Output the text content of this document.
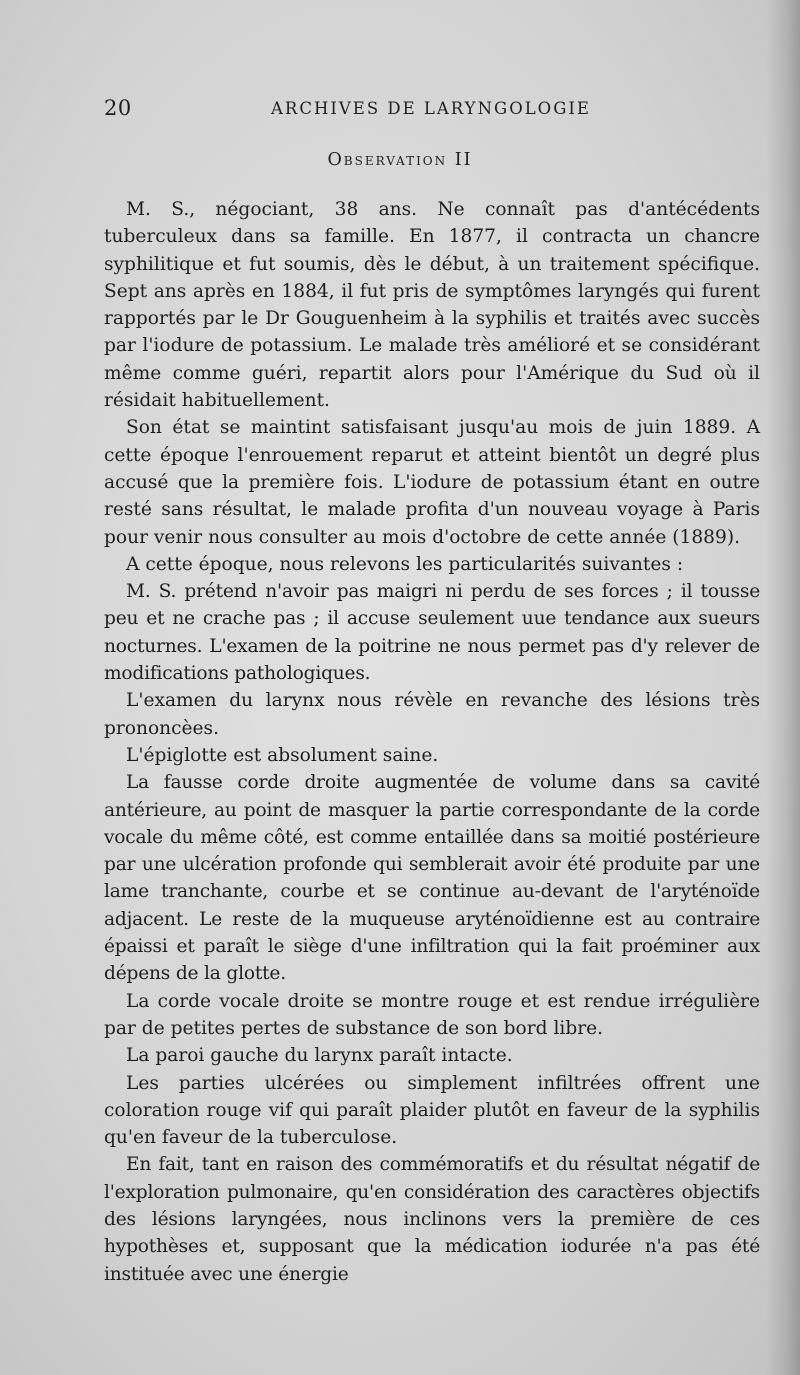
20	ARCHIVES DE LARYNGOLOGIE
Observation II

M. S., négociant, 38 ans. Ne connaît pas d'antécédents tuberculeux dans sa famille. En 1877, il contracta un chancre syphilitique et fut soumis, dès le début, à un traitement spécifique. Sept ans après en 1884, il fut pris de symptômes laryngés qui furent rapportés par le Dr Gouguenheim à la syphilis et traités avec succès par l'iodure de potassium. Le malade très amélioré et se considérant même comme guéri, repartit alors pour l'Amérique du Sud où il résidait habituellement.

Son état se maintint satisfaisant jusqu'au mois de juin 1889. A cette époque l'enrouement reparut et atteint bientôt un degré plus accusé que la première fois. L'iodure de potassium étant en outre resté sans résultat, le malade profita d'un nouveau voyage à Paris pour venir nous consulter au mois d'octobre de cette année (1889).

A cette époque, nous relevons les particularités suivantes :

M. S. prétend n'avoir pas maigri ni perdu de ses forces ; il tousse peu et ne crache pas ; il accuse seulement uue tendance aux sueurs nocturnes. L'examen de la poitrine ne nous permet pas d'y relever de modifications pathologiques.

L'examen du larynx nous révèle en revanche des lésions très prononcèes.

L'épiglotte est absolument saine.

La fausse corde droite augmentée de volume dans sa cavité antérieure, au point de masquer la partie correspondante de la corde vocale du même côté, est comme entaillée dans sa moitié postérieure par une ulcération profonde qui semblerait avoir été produite par une lame tranchante, courbe et se continue au-devant de l'aryténoïde adjacent. Le reste de la muqueuse aryténoïdienne est au contraire épaissi et paraît le siège d'une infiltration qui la fait proéminer aux dépens de la glotte.

La corde vocale droite se montre rouge et est rendue irrégulière par de petites pertes de substance de son bord libre.

La paroi gauche du larynx paraît intacte.

Les parties ulcérées ou simplement infiltrées offrent une coloration rouge vif qui paraît plaider plutôt en faveur de la syphilis qu'en faveur de la tuberculose.

En fait, tant en raison des commémoratifs et du résultat négatif de l'exploration pulmonaire, qu'en considération des caractères objectifs des lésions laryngées, nous inclinons vers la première de ces hypothèses et, supposant que la médication iodurée n'a pas été instituée avec une énergie
